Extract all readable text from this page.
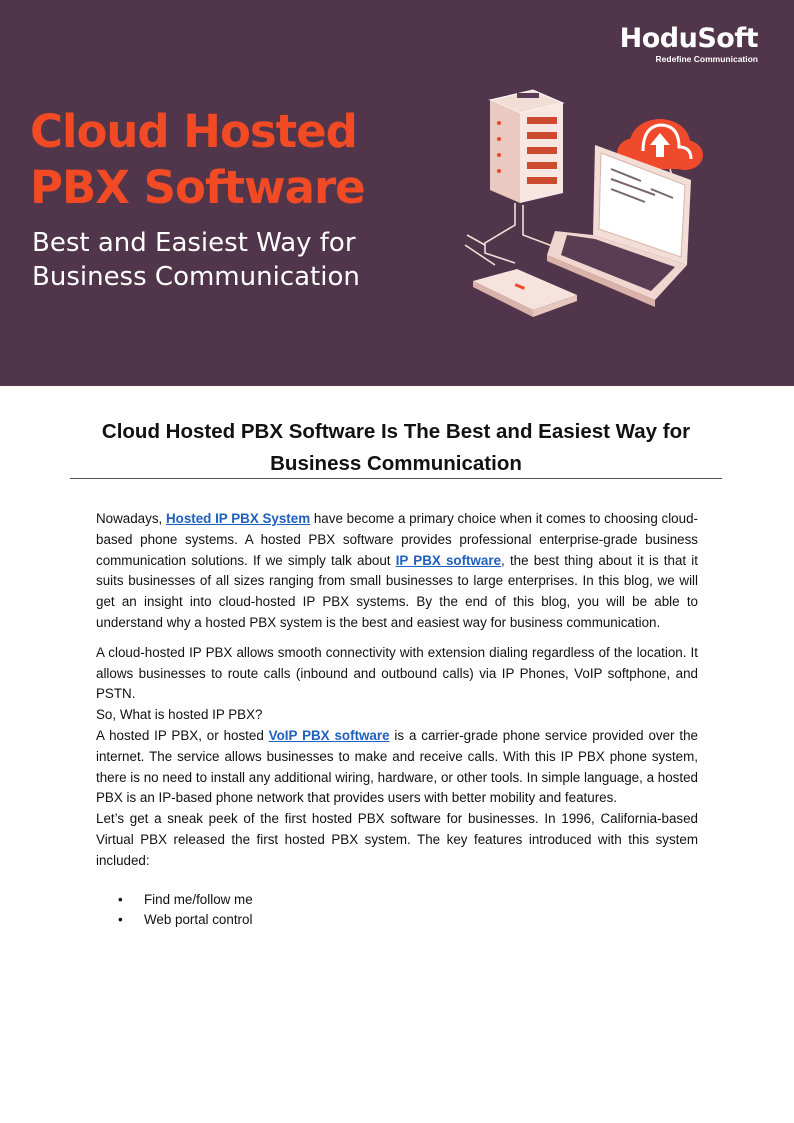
HoduSoft
Redefine Communication
Cloud Hosted
PBX Software
Best and Easiest Way for
Business Communication
Cloud Hosted PBX Software Is The Best and Easiest Way for Business Communication

Nowadays, Hosted IP PBX System have become a primary choice when it comes to choosing cloud-based phone systems. A hosted PBX software provides professional enterprise-grade business communication solutions. If we simply talk about IP PBX software, the best thing about it is that it suits businesses of all sizes ranging from small businesses to large enterprises. In this blog, we will get an insight into cloud-hosted IP PBX systems. By the end of this blog, you will be able to understand why a hosted PBX system is the best and easiest way for business communication.

A cloud-hosted IP PBX allows smooth connectivity with extension dialing regardless of the location. It allows businesses to route calls (inbound and outbound calls) via IP Phones, VoIP softphone, and PSTN.

So, What is hosted IP PBX?

A hosted IP PBX, or hosted VoIP PBX software is a carrier-grade phone service provided over the internet. The service allows businesses to make and receive calls. With this IP PBX phone system, there is no need to install any additional wiring, hardware, or other tools. In simple language, a hosted PBX is an IP-based phone network that provides users with better mobility and features.

Let’s get a sneak peek of the first hosted PBX software for businesses. In 1996, California-based Virtual PBX released the first hosted PBX system. The key features introduced with this system included:

• Find me/follow me
• Web portal control
